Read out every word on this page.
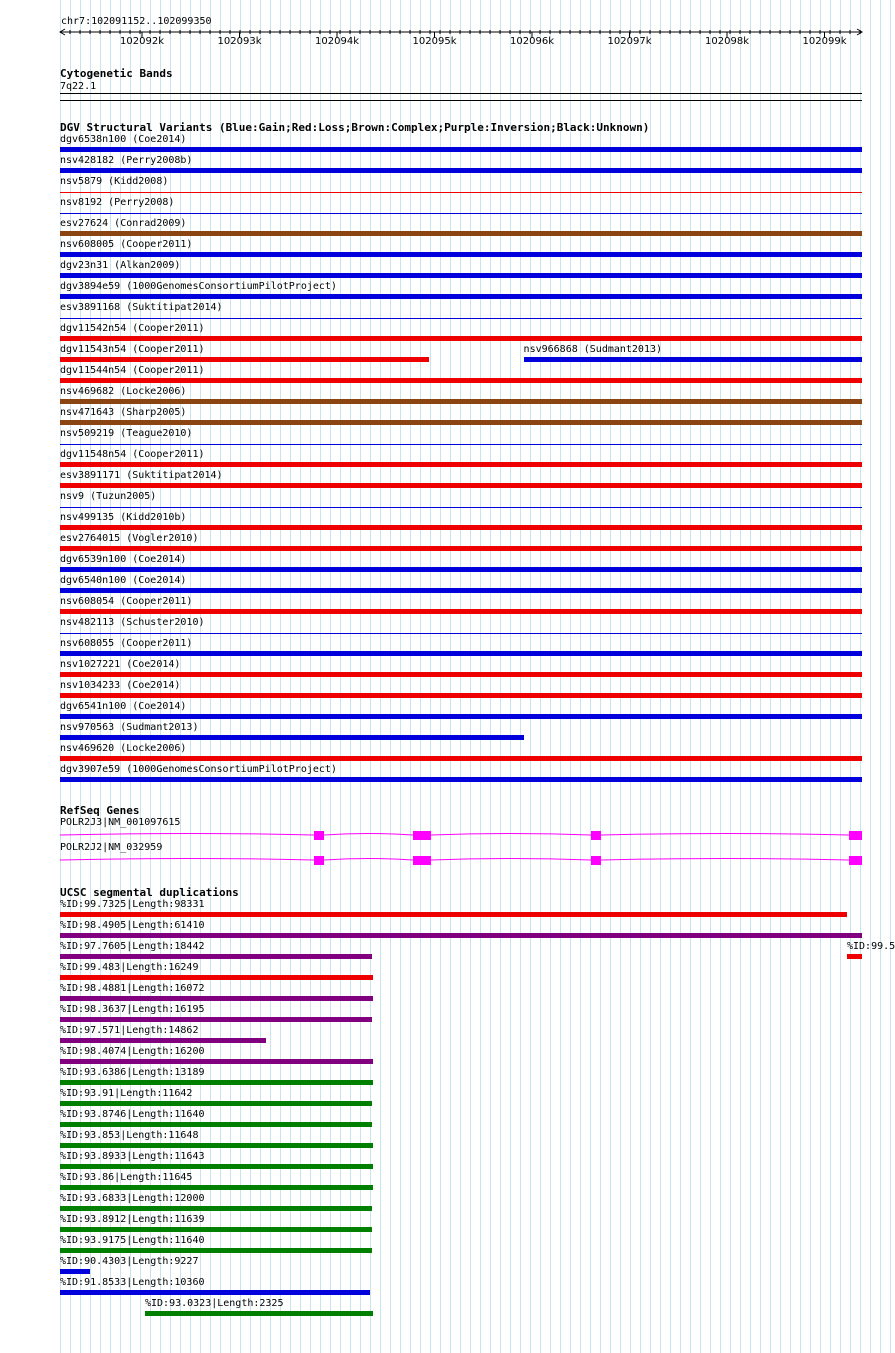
chr7:102091152..102099350
102092k	102093k	102094k	102095k	102096k	102097k	102098k	102099k
Cytogenetic Bands
7q22.1
DGV Structural Variants (Blue:Gain;Red:Loss;Brown:Complex;Purple:Inversion;Black:Unknown)
dgv6538n100 (Coe2014)
nsv428182 (Perry2008b)
nsv5879 (Kidd2008)
nsv8192 (Perry2008)
esv27624 (Conrad2009)
nsv608005 (Cooper2011)
dgv23n31 (Alkan2009)
dgv3894e59 (1000GenomesConsortiumPilotProject)
esv3891168 (Suktitipat2014)
dgv11542n54 (Cooper2011)
dgv11543n54 (Cooper2011)	nsv966868 (Sudmant2013)
dgv11544n54 (Cooper2011)
nsv469682 (Locke2006)
nsv471643 (Sharp2005)
nsv509219 (Teague2010)
dgv11548n54 (Cooper2011)
esv3891171 (Suktitipat2014)
nsv9 (Tuzun2005)
nsv499135 (Kidd2010b)
esv2764015 (Vogler2010)
dgv6539n100 (Coe2014)
dgv6540n100 (Coe2014)
nsv608054 (Cooper2011)
nsv482113 (Schuster2010)
nsv608055 (Cooper2011)
nsv1027221 (Coe2014)
nsv1034233 (Coe2014)
dgv6541n100 (Coe2014)
nsv970563 (Sudmant2013)
nsv469620 (Locke2006)
dgv3907e59 (1000GenomesConsortiumPilotProject)
RefSeq Genes
POLR2J3|NM_001097615
POLR2J2|NM_032959
UCSC segmental duplications
%ID:99.7325|Length:98331
%ID:98.4905|Length:61410
%ID:97.7605|Length:18442	%ID:99.5
%ID:99.483|Length:16249
%ID:98.4881|Length:16072
%ID:98.3637|Length:16195
%ID:97.571|Length:14862
%ID:98.4074|Length:16200
%ID:93.6386|Length:13189
%ID:93.91|Length:11642
%ID:93.8746|Length:11640
%ID:93.853|Length:11648
%ID:93.8933|Length:11643
%ID:93.86|Length:11645
%ID:93.6833|Length:12000
%ID:93.8912|Length:11639
%ID:93.9175|Length:11640
%ID:90.4303|Length:9227
%ID:91.8533|Length:10360
%ID:93.0323|Length:2325
